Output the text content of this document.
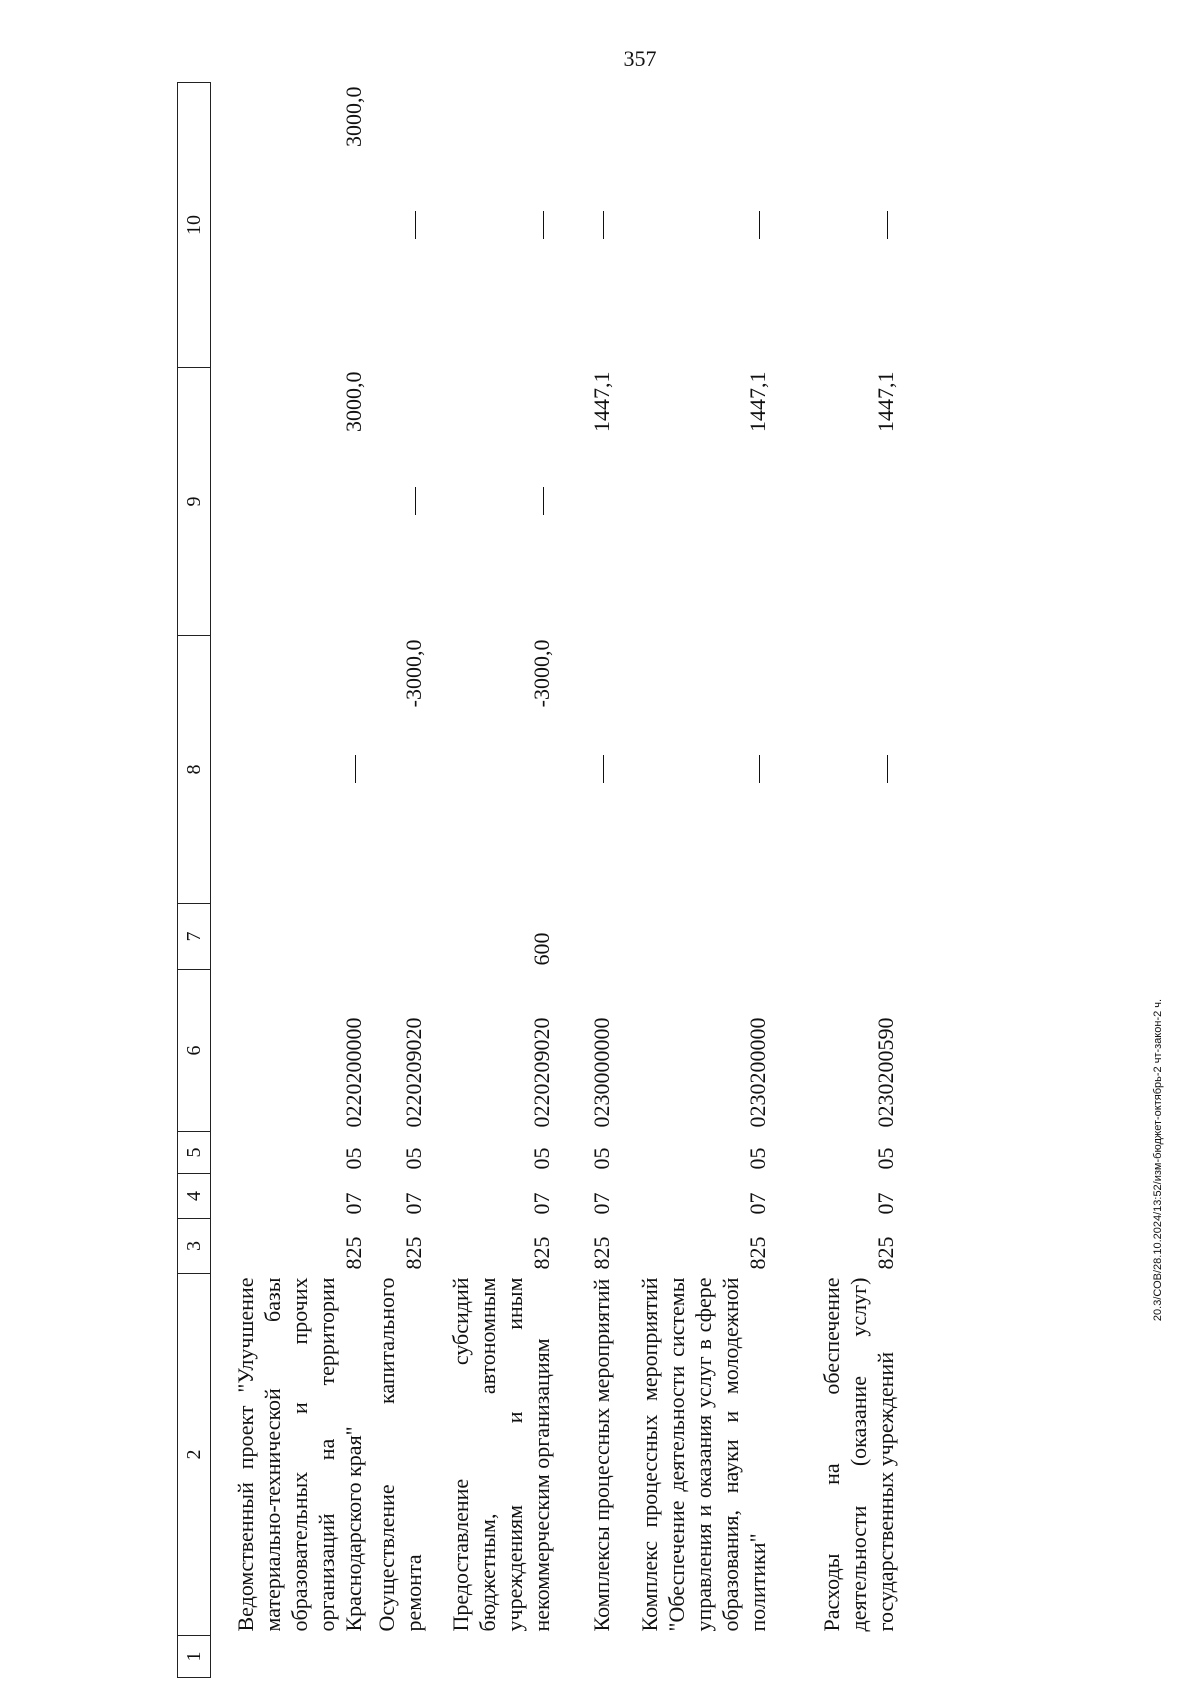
357
20.3/СОВ/28.10.2024/13:52/изм-бюджет-октябрь-2 чт-закон-2 ч.
1	2	3	4	5	6	7	8	9	10
	Ведомственный проект "Улучшение материально-технической базы образовательных и прочих организаций на территории Краснодарского края"	825	07	05	0220200000			3000,0	3000,0
	Осуществление капитального ремонта	825	07	05	0220209020		-3000,0		
	Предоставление субсидий бюджетным, автономным учреждениям и иным некоммерческим организациям	825	07	05	0220209020	600	-3000,0		
	Комплексы процессных мероприятий	825	07	05	0230000000			1447,1	
	Комплекс процессных мероприятий "Обеспечение деятельности системы управления и оказания услуг в сфере образования, науки и молодежной политики"	825	07	05	0230200000			1447,1	
	Расходы на обеспечение деятельности (оказание услуг) государственных учреждений	825	07	05	0230200590			1447,1	
